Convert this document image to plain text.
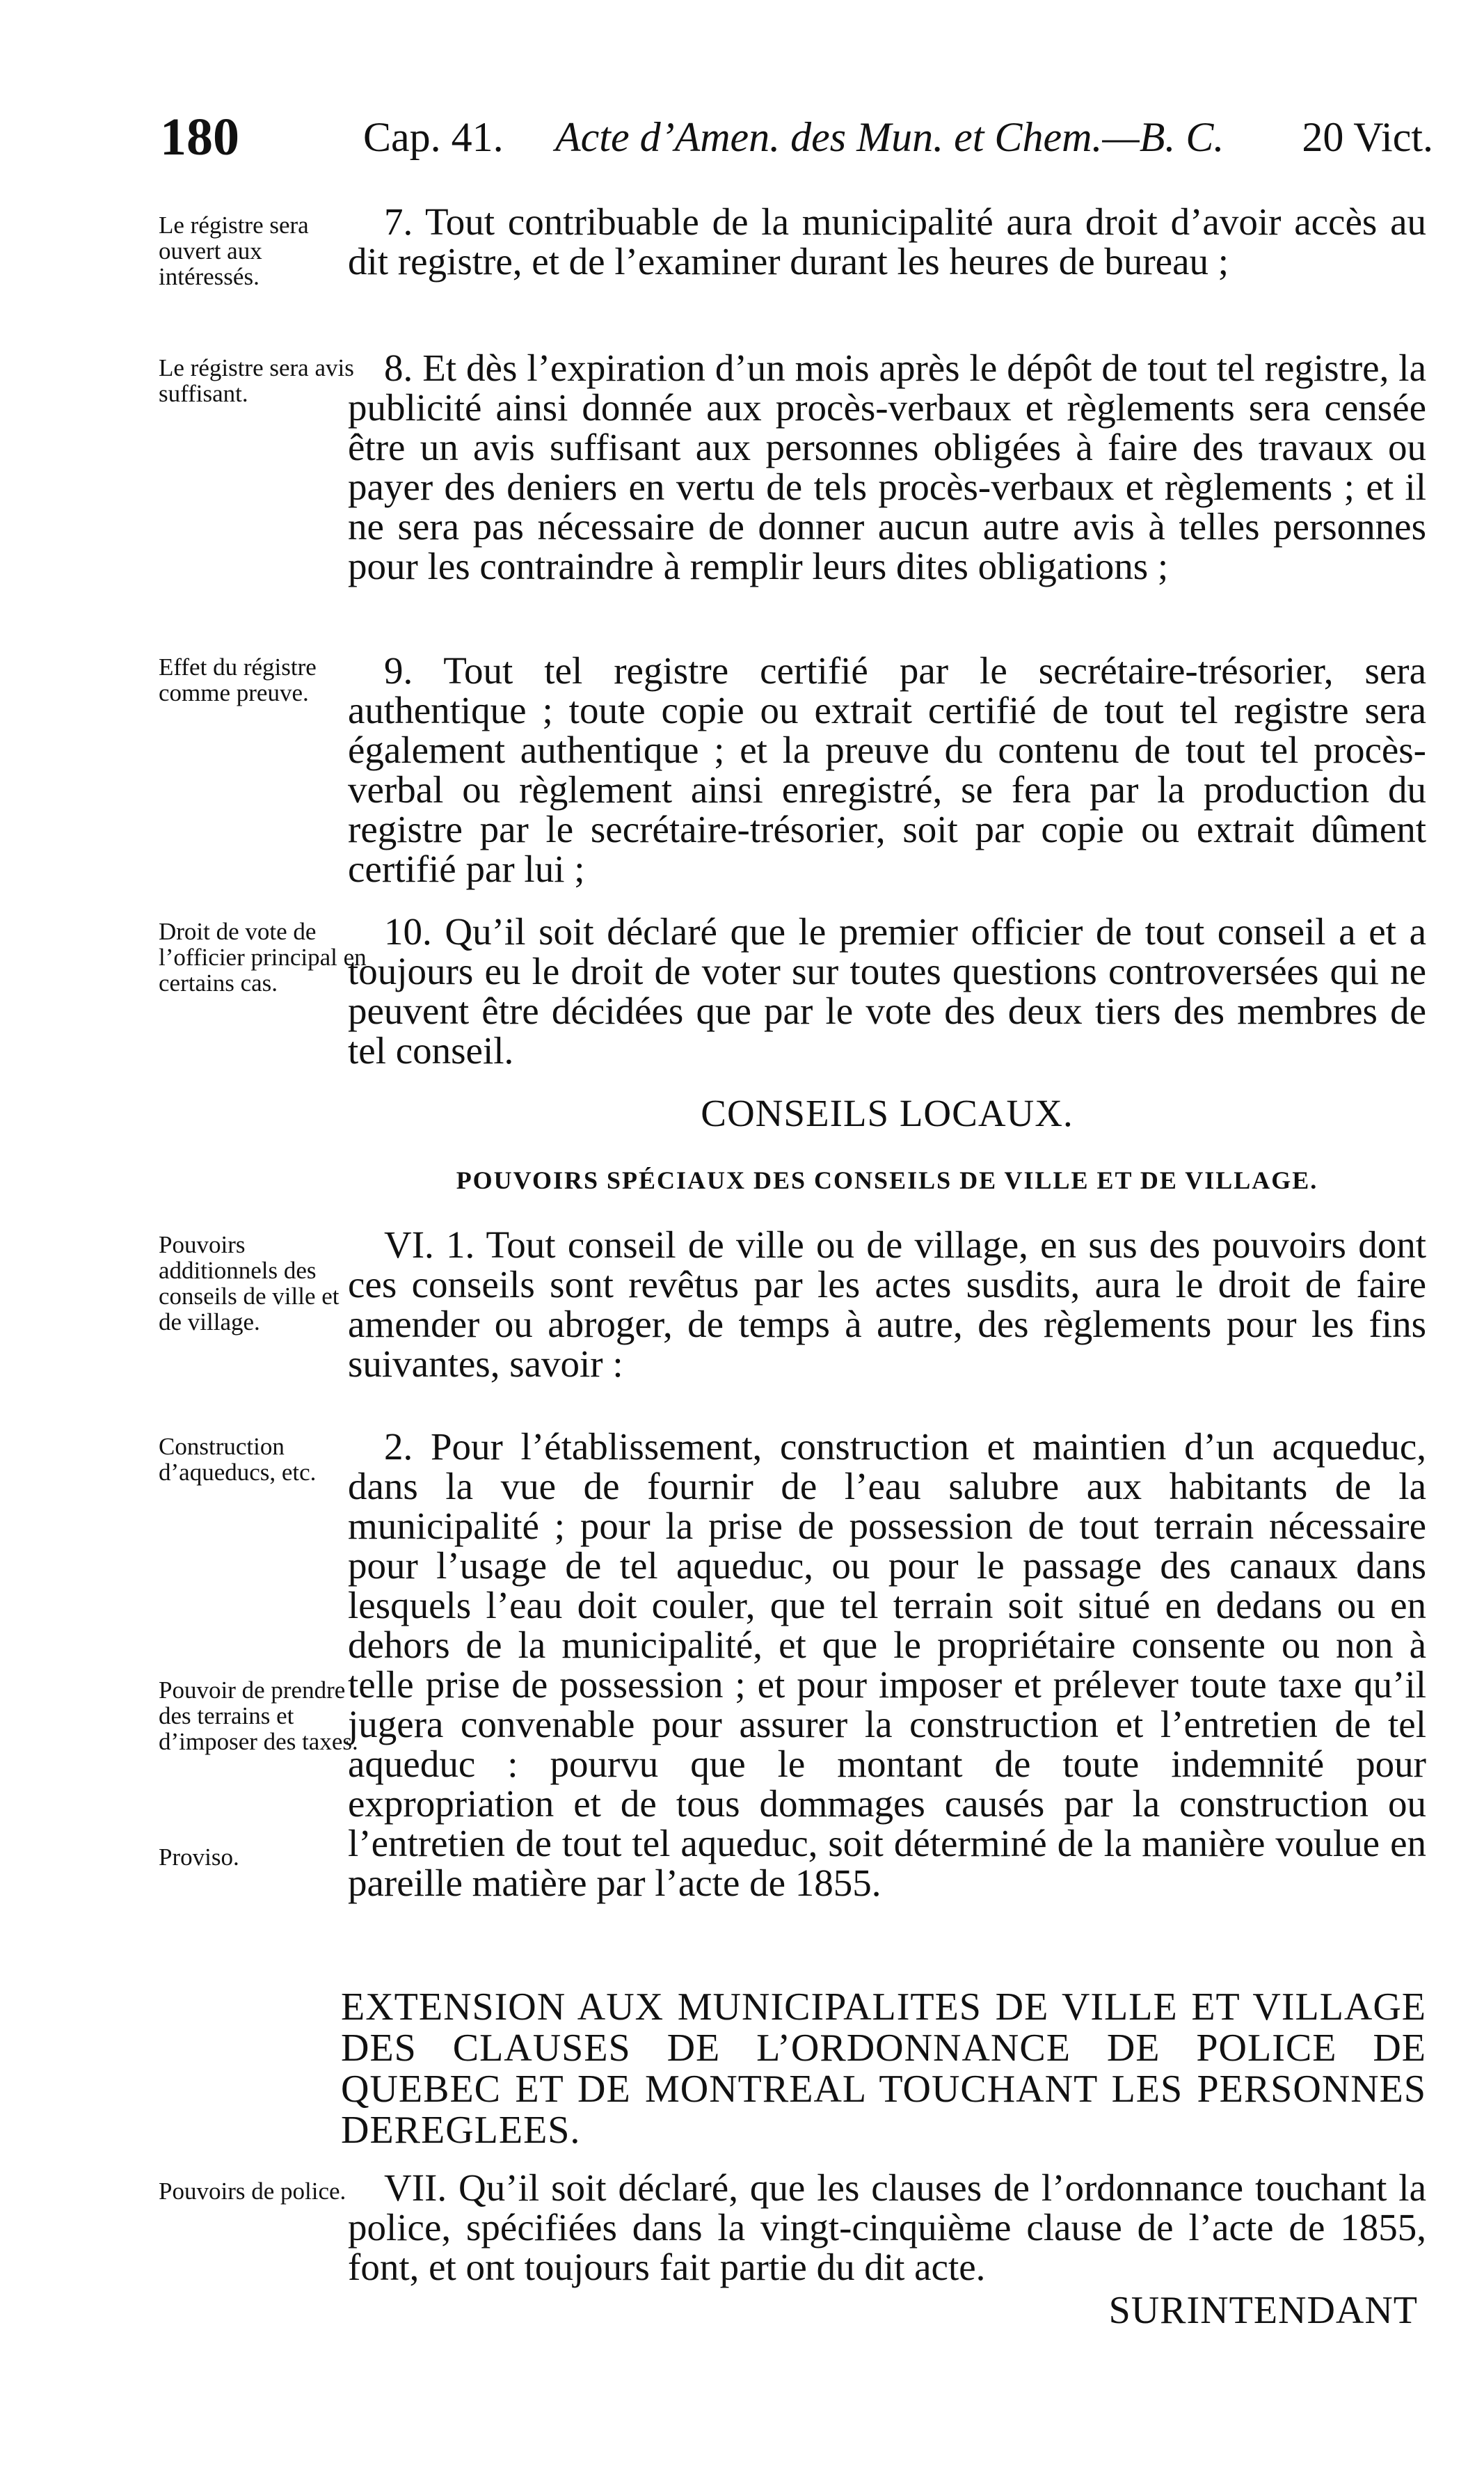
180	Cap. 41. Acte d’Amen. des Mun. et Chem.—B. C. 20 Vict.
Le régistre sera ouvert aux intéressés.
7. Tout contribuable de la municipalité aura droit d’avoir accès au dit registre, et de l’examiner durant les heures de bureau ;
Le régistre sera avis suffisant.
8. Et dès l’expiration d’un mois après le dépôt de tout tel registre, la publicité ainsi donnée aux procès-verbaux et règlements sera censée être un avis suffisant aux personnes obligées à faire des travaux ou payer des deniers en vertu de tels procès-verbaux et règlements ; et il ne sera pas nécessaire de donner aucun autre avis à telles personnes pour les contraindre à remplir leurs dites obligations ;
Effet du régistre comme preuve.
9. Tout tel registre certifié par le secrétaire-trésorier, sera authentique ; toute copie ou extrait certifié de tout tel registre sera également authentique ; et la preuve du contenu de tout tel procès-verbal ou règlement ainsi enregistré, se fera par la production du registre par le secrétaire-trésorier, soit par copie ou extrait dûment certifié par lui ;
Droit de vote de l’officier principal en certains cas.
10. Qu’il soit déclaré que le premier officier de tout conseil a et a toujours eu le droit de voter sur toutes questions controversées qui ne peuvent être décidées que par le vote des deux tiers des membres de tel conseil.
CONSEILS LOCAUX.
POUVOIRS SPÉCIAUX DES CONSEILS DE VILLE ET DE VILLAGE.
Pouvoirs additionnels des conseils de ville et de village.
VI. 1. Tout conseil de ville ou de village, en sus des pouvoirs dont ces conseils sont revêtus par les actes susdits, aura le droit de faire amender ou abroger, de temps à autre, des règlements pour les fins suivantes, savoir :
Construction d’aqueducs, etc.
Pouvoir de prendre des terrains et d’imposer des taxes.
Proviso.
2. Pour l’établissement, construction et maintien d’un acqueduc, dans la vue de fournir de l’eau salubre aux habitants de la municipalité ; pour la prise de possession de tout terrain nécessaire pour l’usage de tel aqueduc, ou pour le passage des canaux dans lesquels l’eau doit couler, que tel terrain soit situé en dedans ou en dehors de la municipalité, et que le propriétaire consente ou non à telle prise de possession ; et pour imposer et prélever toute taxe qu’il jugera convenable pour assurer la construction et l’entretien de tel aqueduc : pourvu que le montant de toute indemnité pour expropriation et de tous dommages causés par la construction ou l’entretien de tout tel aqueduc, soit déterminé de la manière voulue en pareille matière par l’acte de 1855.
EXTENSION AUX MUNICIPALITES DE VILLE ET VILLAGE DES CLAUSES DE L’ORDONNANCE DE POLICE DE QUEBEC ET DE MONTREAL TOUCHANT LES PERSONNES DEREGLEES.
Pouvoirs de police. VII. Qu’il soit déclaré, que les clauses de l’ordonnance touchant la police, spécifiées dans la vingt-cinquième clause de l’acte de 1855, font, et ont toujours fait partie du dit acte.
SURINTENDANT
